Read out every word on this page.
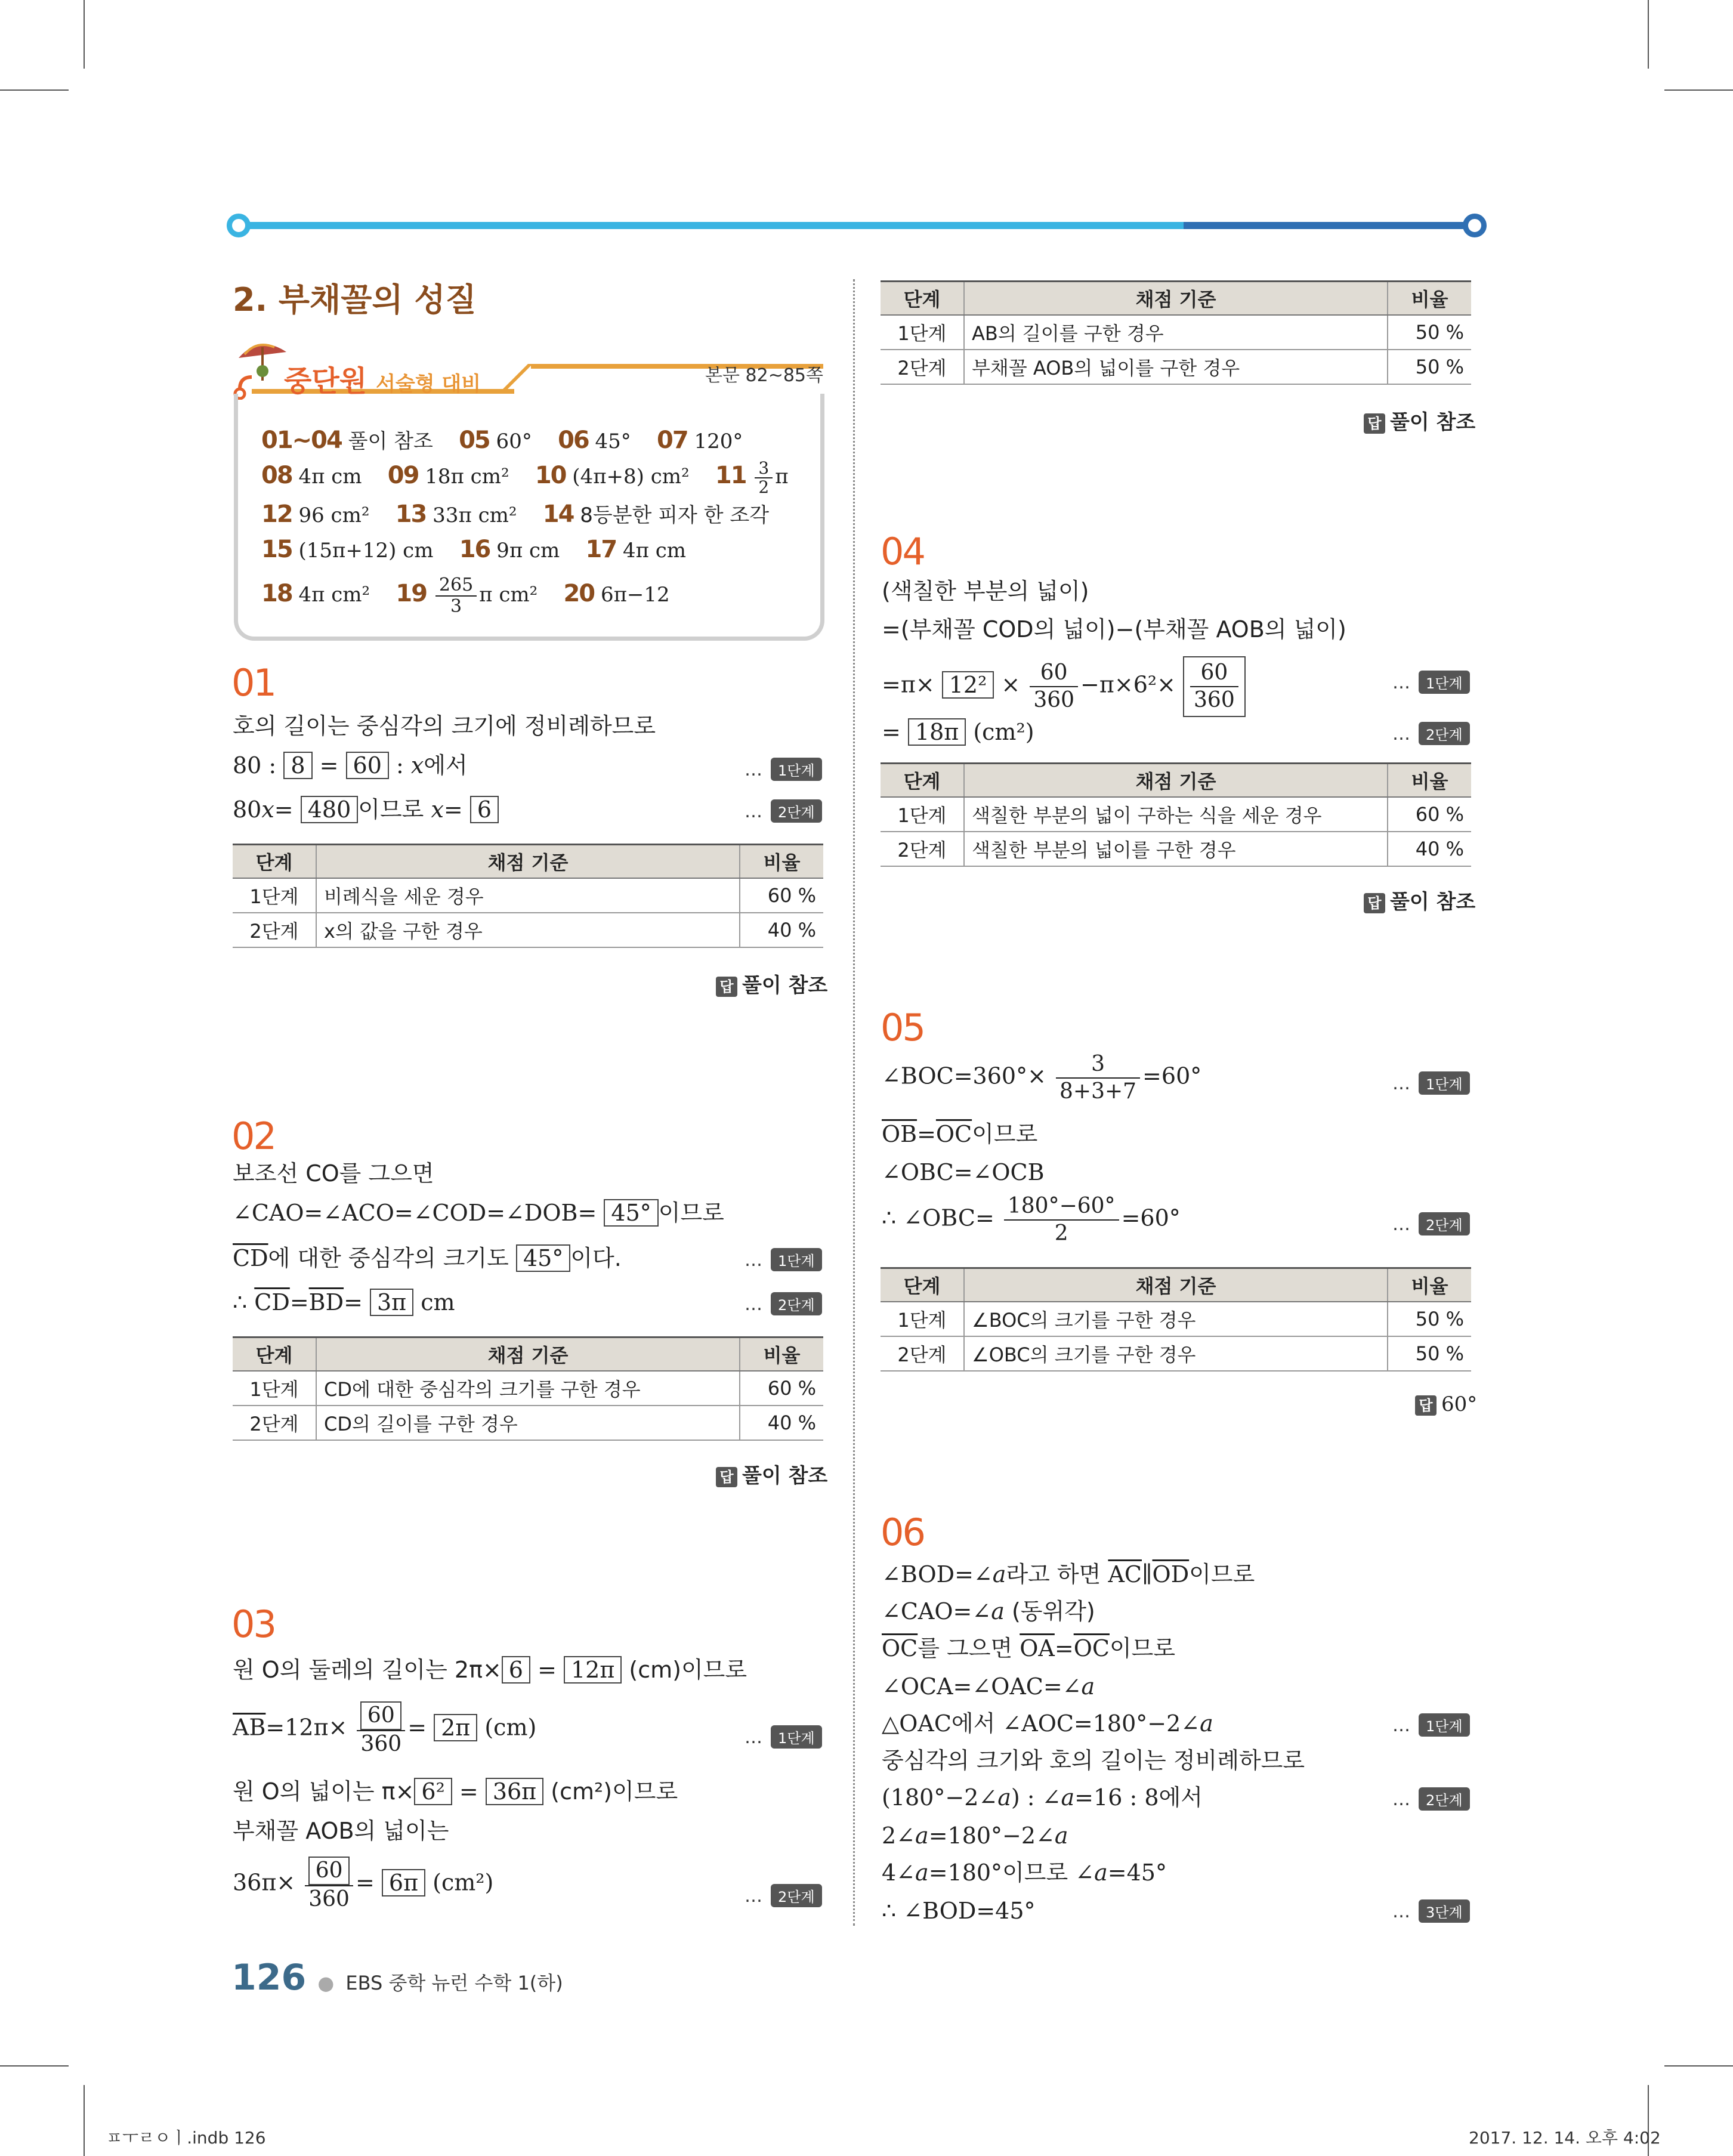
2. 부채꼴의 성질
중단원 서술형 대비	본문 82~85쪽
01~04 풀이 참조 05 60°    06 45°    07 120°
08 4π cm    09 18π cm²    10 (4π+8) cm²    $11 \frac{3}{2}$ π
12 96 cm²    13 33π cm²    14 8등분한 피자 한 조각
15 (15π+12) cm    16 9π cm    17 4π cm
18 4π cm²    $19 \frac{265}{3}$ π cm²    20 6π−12
01
호의 길이는 중심각의 크기에 정비례하므로
80 : 8 = 60 : x에서	… 1단계
80x= 480 이므로 x= 6	… 2단계
단계	채점 기준	비율
1단계	비례식을 세운 경우	60 %
2단계	x의 값을 구한 경우	40 %
답 풀이 참조
02
보조선 CO를 그으면
∠CAO=∠ACO=∠COD=∠DOB= 45° 이므로
$\overline{CD}$에 대한 중심각의 크기도 45° 이다.	… 1단계
∴ $\overline{CD}=\overline{BD}= 3\pi$ cm	… 2단계
단계	채점 기준	비율
1단계	CD에 대한 중심각의 크기를 구한 경우	60 %
2단계	CD의 길이를 구한 경우	40 %
답 풀이 참조
03
원 O의 둘레의 길이는 2π× 6 = 12π (cm)이므로
$\overline{AB}=12\pi\times \frac{60}{360} = 2\pi$ (cm)	… 1단계
원 O의 넓이는 π× 6² = 36π (cm²)이므로
부채꼴 AOB의 넓이는
$36\pi\times \frac{60}{360} = 6\pi$ (cm²)
… 2단계
단계	채점 기준	비율
1단계	AB의 길이를 구한 경우	50 %
2단계	부채꼴 AOB의 넓이를 구한 경우	50 %
답 풀이 참조
04
(색칠한 부분의 넓이)
=(부채꼴 COD의 넓이)−(부채꼴 AOB의 넓이)
$=\pi\times 12^2 \times \frac{60}{360} -\pi\times 6^2\times \frac{60}{360}$	… 1단계
= 18π (cm²)	… 2단계
단계	채점 기준	비율
1단계	색칠한 부분의 넓이 구하는 식을 세운 경우	60 %
2단계	색칠한 부분의 넓이를 구한 경우	40 %
답 풀이 참조
05
∠BOC=360°× $\frac{3}{8+3+7} =60^\circ$	… 1단계
$\overline{OB}=\overline{OC}$이므로
∠OBC=∠OCB
∴ ∠OBC= $\frac{180^\circ-60^\circ}{2} =60^\circ$	… 2단계
단계	채점 기준	비율
1단계	∠BOC의 크기를 구한 경우	50 %
2단계	∠OBC의 크기를 구한 경우	50 %
답 60°
06
∠BOD=∠a라고 하면 $\overline{AC}\parallel\overline{OD}$이므로
∠CAO=∠a (동위각)
$\overline{OC}$를 그으면 $\overline{OA}=\overline{OC}$이므로
∠OCA=∠OAC=∠a
△OAC에서 ∠AOC=180°−2∠a	… 1단계
중심각의 크기와 호의 길이는 정비례하므로
(180°−2∠a) : ∠a=16 : 8에서	… 2단계
2∠a=180°−2∠a
4∠a=180°이므로 ∠a=45°
∴ ∠BOD=45°	… 3단계
126 ● EBS 중학 뉴런 수학 1(하)
ㅍㅜㄹㅇㅣ.indb 126	2017. 12. 14. 오후 4:02
